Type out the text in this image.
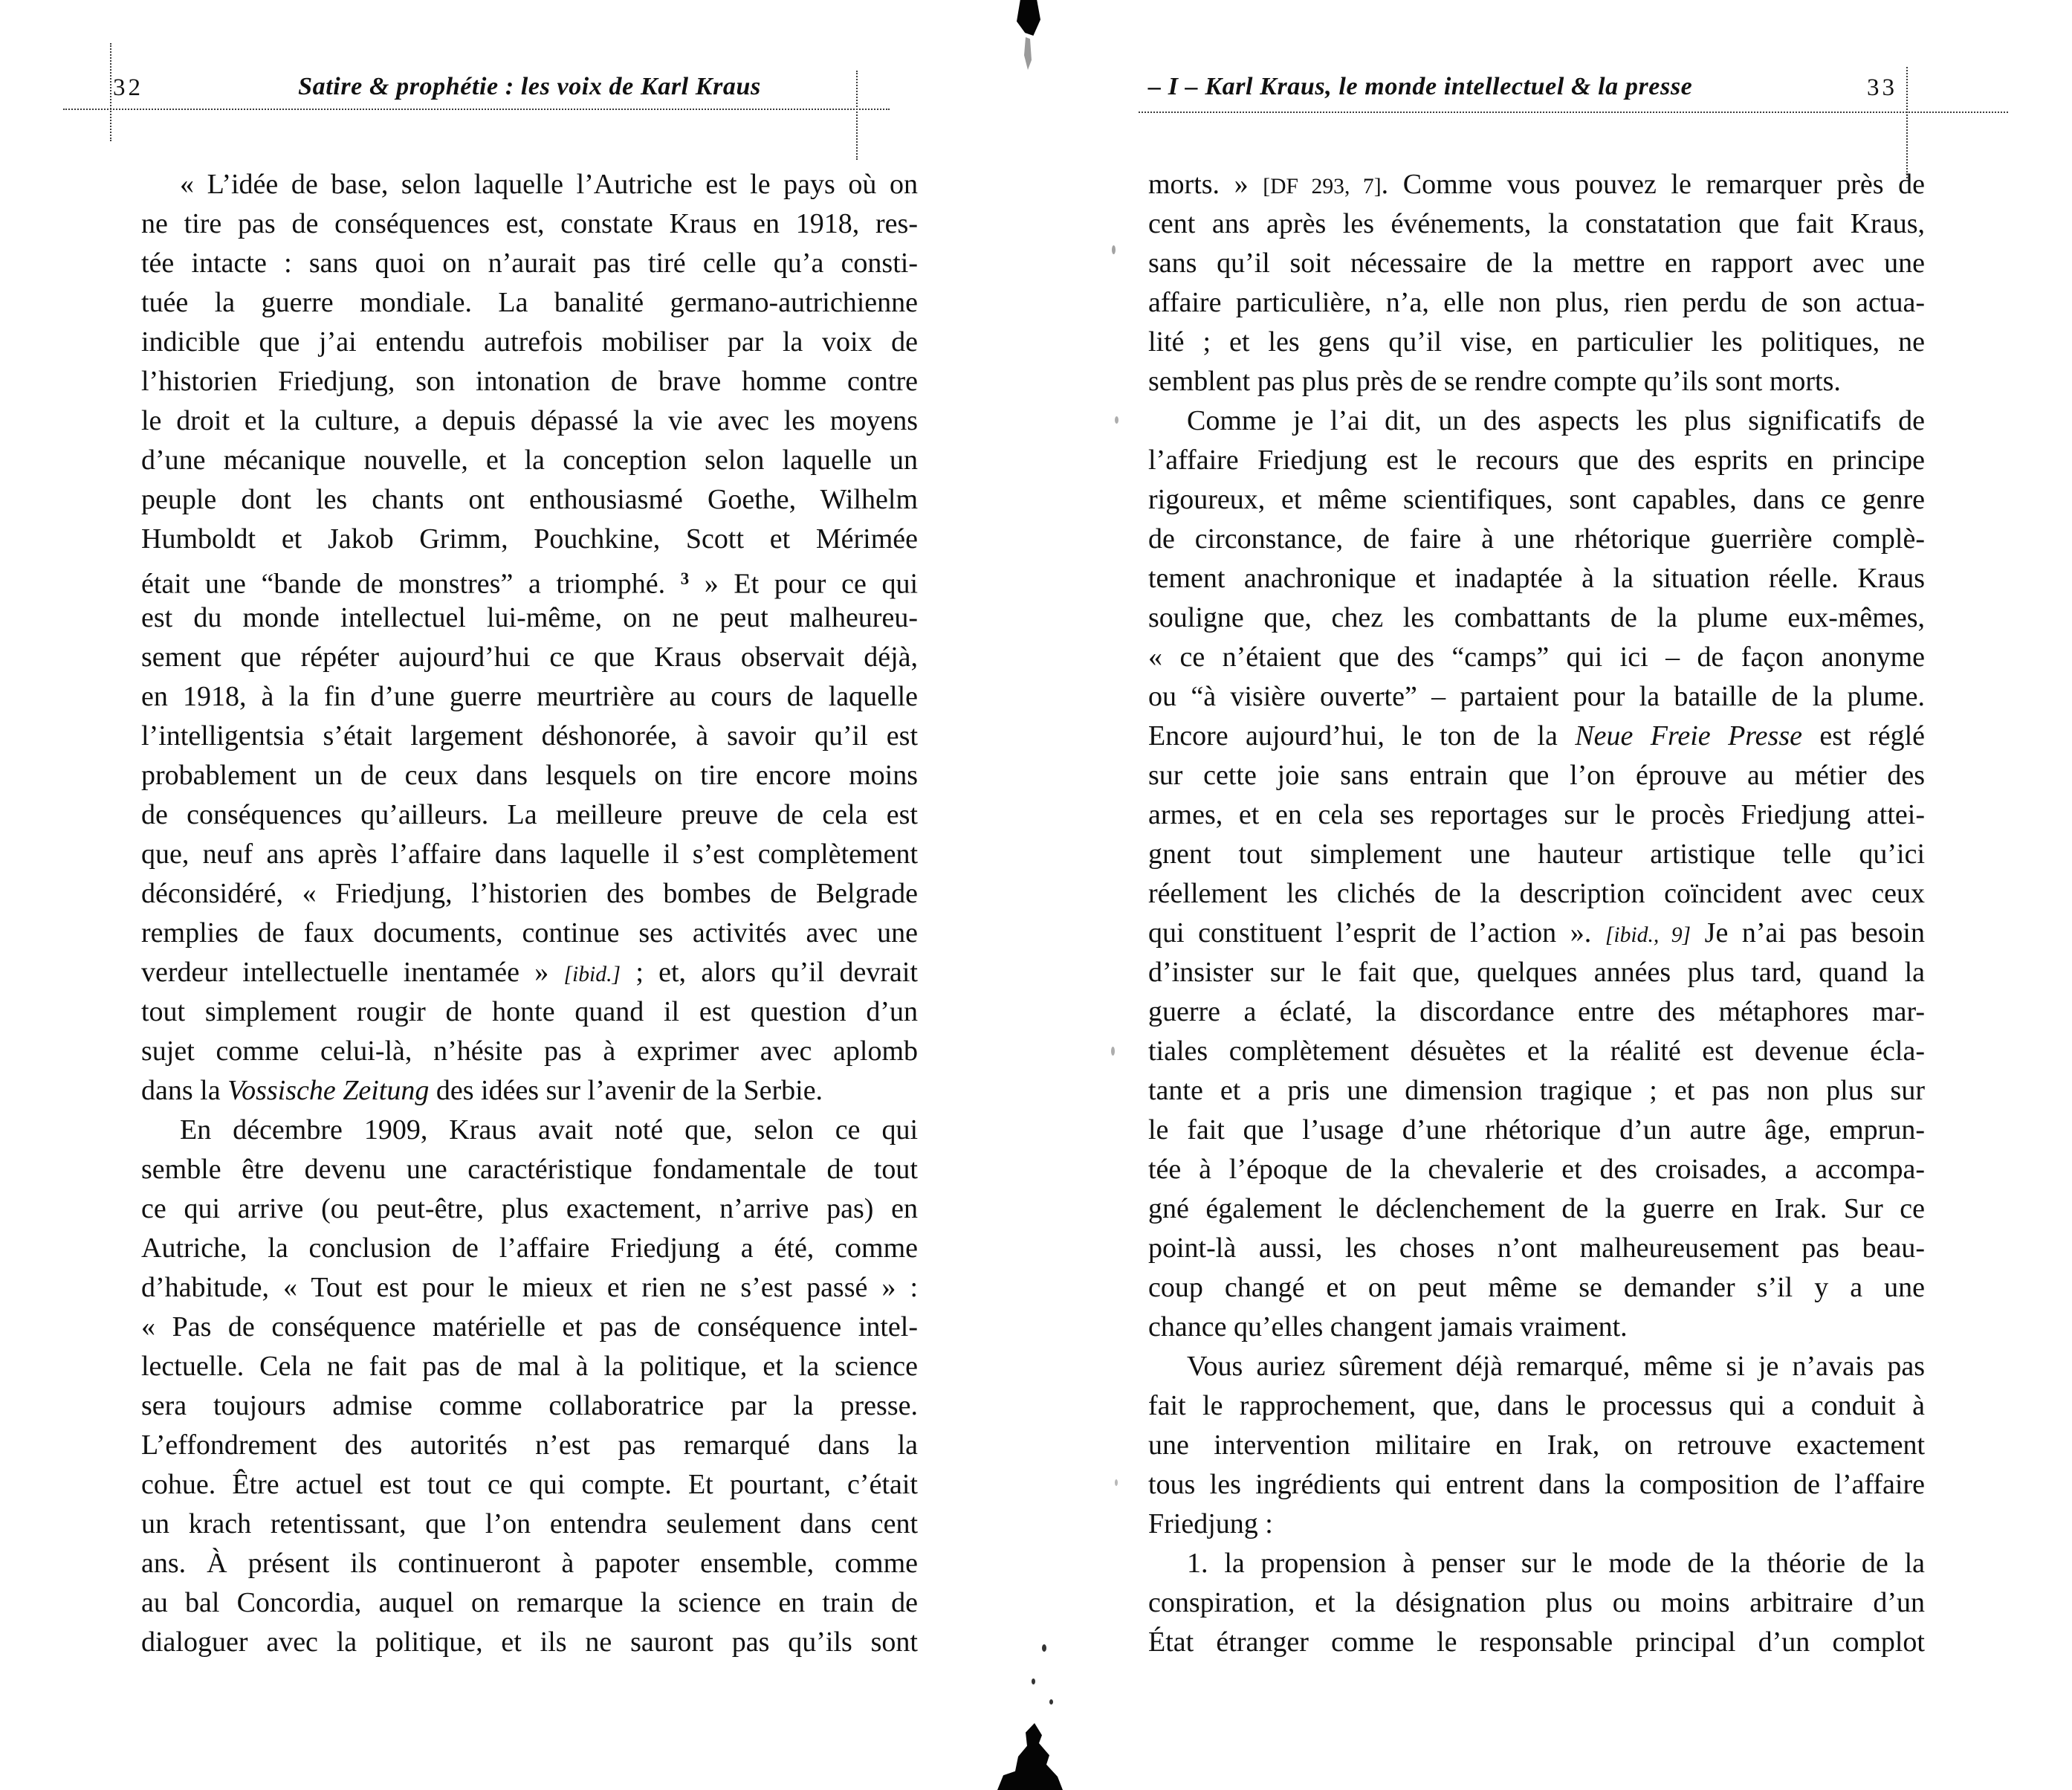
32	Satire & prophétie : les voix de Karl Kraus	– I – Karl Kraus, le monde intellectuel & la presse	33
« L’idée de base, selon laquelle l’Autriche est le pays où on
ne tire pas de conséquences est, constate Kraus en 1918, res-
tée intacte : sans quoi on n’aurait pas tiré celle qu’a consti-
tuée la guerre mondiale. La banalité germano-autrichienne
indicible que j’ai entendu autrefois mobiliser par la voix de
l’historien Friedjung, son intonation de brave homme contre
le droit et la culture, a depuis dépassé la vie avec les moyens
d’une mécanique nouvelle, et la conception selon laquelle un
peuple dont les chants ont enthousiasmé Goethe, Wilhelm
Humboldt et Jakob Grimm, Pouchkine, Scott et Mérimée
était une “bande de monstres” a triomphé. $^3$ » Et pour ce qui
est du monde intellectuel lui-même, on ne peut malheureu-
sement que répéter aujourd’hui ce que Kraus observait déjà,
en 1918, à la fin d’une guerre meurtrière au cours de laquelle
l’intelligentsia s’était largement déshonorée, à savoir qu’il est
probablement un de ceux dans lesquels on tire encore moins
de conséquences qu’ailleurs. La meilleure preuve de cela est
que, neuf ans après l’affaire dans laquelle il s’est complètement
déconsidéré, « Friedjung, l’historien des bombes de Belgrade
remplies de faux documents, continue ses activités avec une
verdeur intellectuelle inentamée » [ibid.] ; et, alors qu’il devrait
tout simplement rougir de honte quand il est question d’un
sujet comme celui-là, n’hésite pas à exprimer avec aplomb
dans la Vossische Zeitung des idées sur l’avenir de la Serbie.
En décembre 1909, Kraus avait noté que, selon ce qui
semble être devenu une caractéristique fondamentale de tout
ce qui arrive (ou peut-être, plus exactement, n’arrive pas) en
Autriche, la conclusion de l’affaire Friedjung a été, comme
d’habitude, « Tout est pour le mieux et rien ne s’est passé » :
« Pas de conséquence matérielle et pas de conséquence intel-
lectuelle. Cela ne fait pas de mal à la politique, et la science
sera toujours admise comme collaboratrice par la presse.
L’effondrement des autorités n’est pas remarqué dans la
cohue. Être actuel est tout ce qui compte. Et pourtant, c’était
un krach retentissant, que l’on entendra seulement dans cent
ans. À présent ils continueront à papoter ensemble, comme
au bal Concordia, auquel on remarque la science en train de
dialoguer avec la politique, et ils ne sauront pas qu’ils sont
morts. » [DF 293, 7]. Comme vous pouvez le remarquer près de
cent ans après les événements, la constatation que fait Kraus,
sans qu’il soit nécessaire de la mettre en rapport avec une
affaire particulière, n’a, elle non plus, rien perdu de son actua-
lité ; et les gens qu’il vise, en particulier les politiques, ne
semblent pas plus près de se rendre compte qu’ils sont morts.
Comme je l’ai dit, un des aspects les plus significatifs de
l’affaire Friedjung est le recours que des esprits en principe
rigoureux, et même scientifiques, sont capables, dans ce genre
de circonstance, de faire à une rhétorique guerrière complè-
tement anachronique et inadaptée à la situation réelle. Kraus
souligne que, chez les combattants de la plume eux-mêmes,
« ce n’étaient que des “camps” qui ici – de façon anonyme
ou “à visière ouverte” – partaient pour la bataille de la plume.
Encore aujourd’hui, le ton de la Neue Freie Presse est réglé
sur cette joie sans entrain que l’on éprouve au métier des
armes, et en cela ses reportages sur le procès Friedjung attei-
gnent tout simplement une hauteur artistique telle qu’ici
réellement les clichés de la description coïncident avec ceux
qui constituent l’esprit de l’action ». [ibid., 9] Je n’ai pas besoin
d’insister sur le fait que, quelques années plus tard, quand la
guerre a éclaté, la discordance entre des métaphores mar-
tiales complètement désuètes et la réalité est devenue écla-
tante et a pris une dimension tragique ; et pas non plus sur
le fait que l’usage d’une rhétorique d’un autre âge, emprun-
tée à l’époque de la chevalerie et des croisades, a accompa-
gné également le déclenchement de la guerre en Irak. Sur ce
point-là aussi, les choses n’ont malheureusement pas beau-
coup changé et on peut même se demander s’il y a une
chance qu’elles changent jamais vraiment.
Vous auriez sûrement déjà remarqué, même si je n’avais pas
fait le rapprochement, que, dans le processus qui a conduit à
une intervention militaire en Irak, on retrouve exactement
tous les ingrédients qui entrent dans la composition de l’affaire
Friedjung :
1. la propension à penser sur le mode de la théorie de la
conspiration, et la désignation plus ou moins arbitraire d’un
État étranger comme le responsable principal d’un complot
